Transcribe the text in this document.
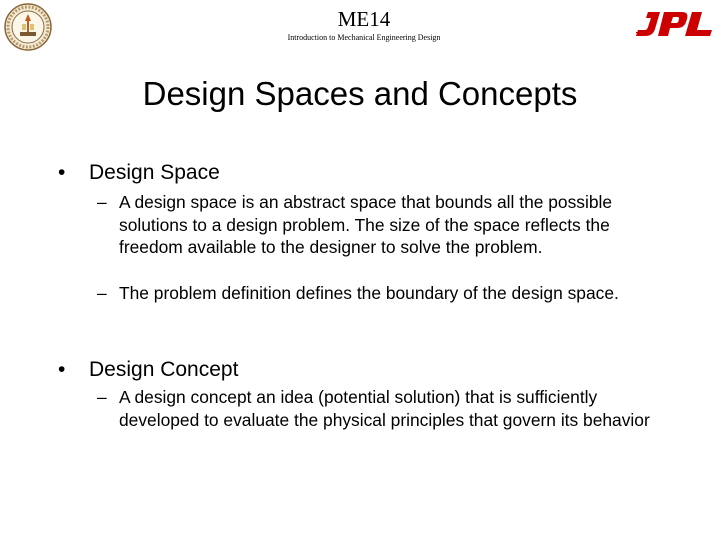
ME14
Introduction to Mechanical Engineering Design
Design Spaces and Concepts
•	Design Space
– A design space is an abstract space that bounds all the possible solutions to a design problem. The size of the space reflects the freedom available to the designer to solve the problem.
– The problem definition defines the boundary of the design space.
•	Design Concept
– A design concept an idea (potential solution) that is sufficiently developed to evaluate the physical principles that govern its behavior
